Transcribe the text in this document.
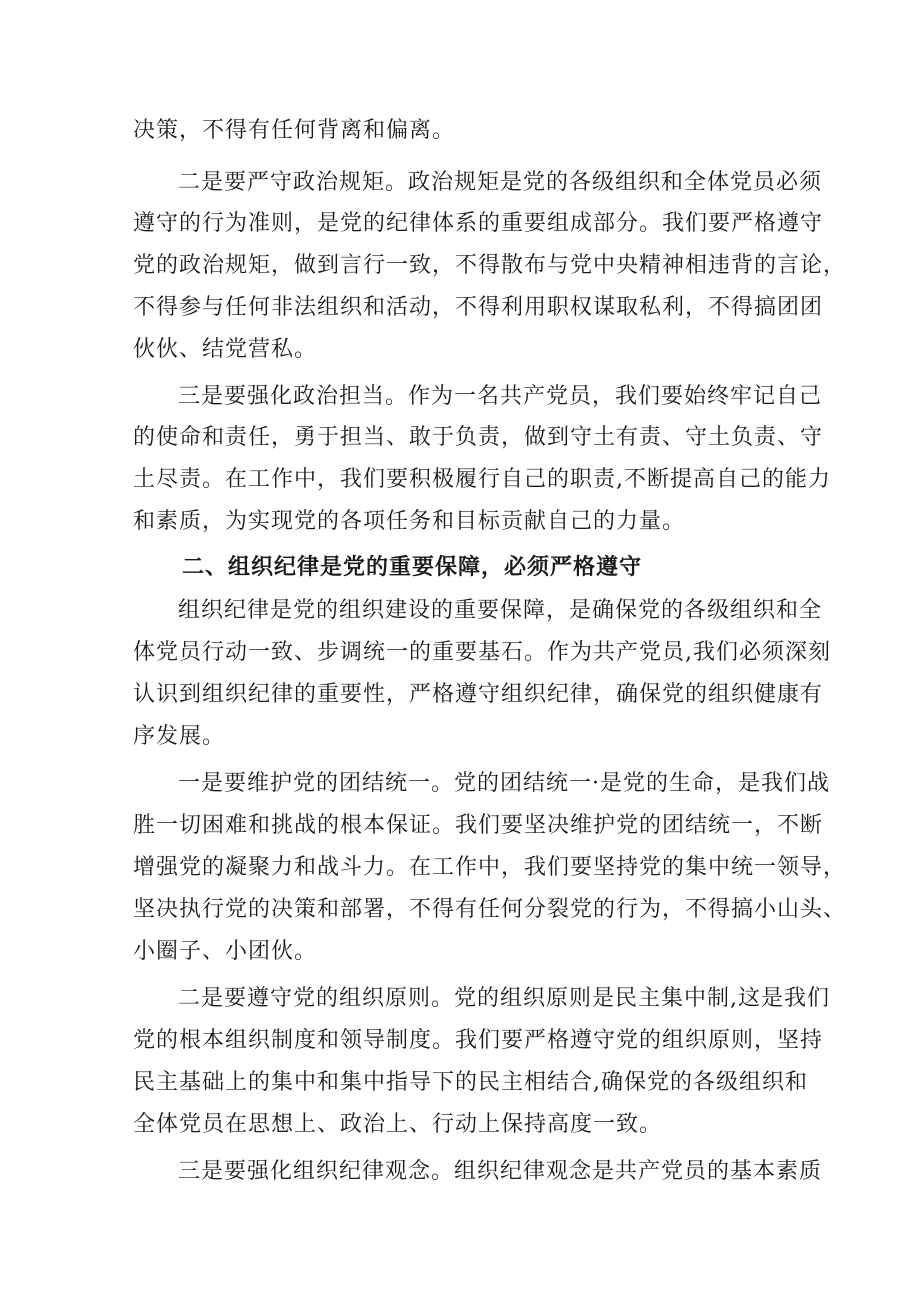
决策，不得有任何背离和偏离。
二是要严守政治规矩。政治规矩是党的各级组织和全体党员必须
遵守的行为准则，是党的纪律体系的重要组成部分。我们要严格遵守
党的政治规矩，做到言行一致，不得散布与党中央精神相违背的言论，
不得参与任何非法组织和活动，不得利用职权谋取私利，不得搞团团
伙伙、结党营私。
三是要强化政治担当。作为一名共产党员，我们要始终牢记自己
的使命和责任，勇于担当、敢于负责，做到守土有责、守土负责、守
土尽责。在工作中，我们要积极履行自己的职责,不断提高自己的能力
和素质，为实现党的各项任务和目标贡献自己的力量。
二、组织纪律是党的重要保障，必须严格遵守
组织纪律是党的组织建设的重要保障，是确保党的各级组织和全
体党员行动一致、步调统一的重要基石。作为共产党员,我们必须深刻
认识到组织纪律的重要性，严格遵守组织纪律，确保党的组织健康有
序发展。
一是要维护党的团结统一。党的团结统一·是党的生命，是我们战
胜一切困难和挑战的根本保证。我们要坚决维护党的团结统一，不断
增强党的凝聚力和战斗力。在工作中，我们要坚持党的集中统一领导，
坚决执行党的决策和部署，不得有任何分裂党的行为，不得搞小山头、
小圈子、小团伙。
二是要遵守党的组织原则。党的组织原则是民主集中制,这是我们
党的根本组织制度和领导制度。我们要严格遵守党的组织原则，坚持
民主基础上的集中和集中指导下的民主相结合,确保党的各级组织和
全体党员在思想上、政治上、行动上保持高度一致。
三是要强化组织纪律观念。组织纪律观念是共产党员的基本素质
